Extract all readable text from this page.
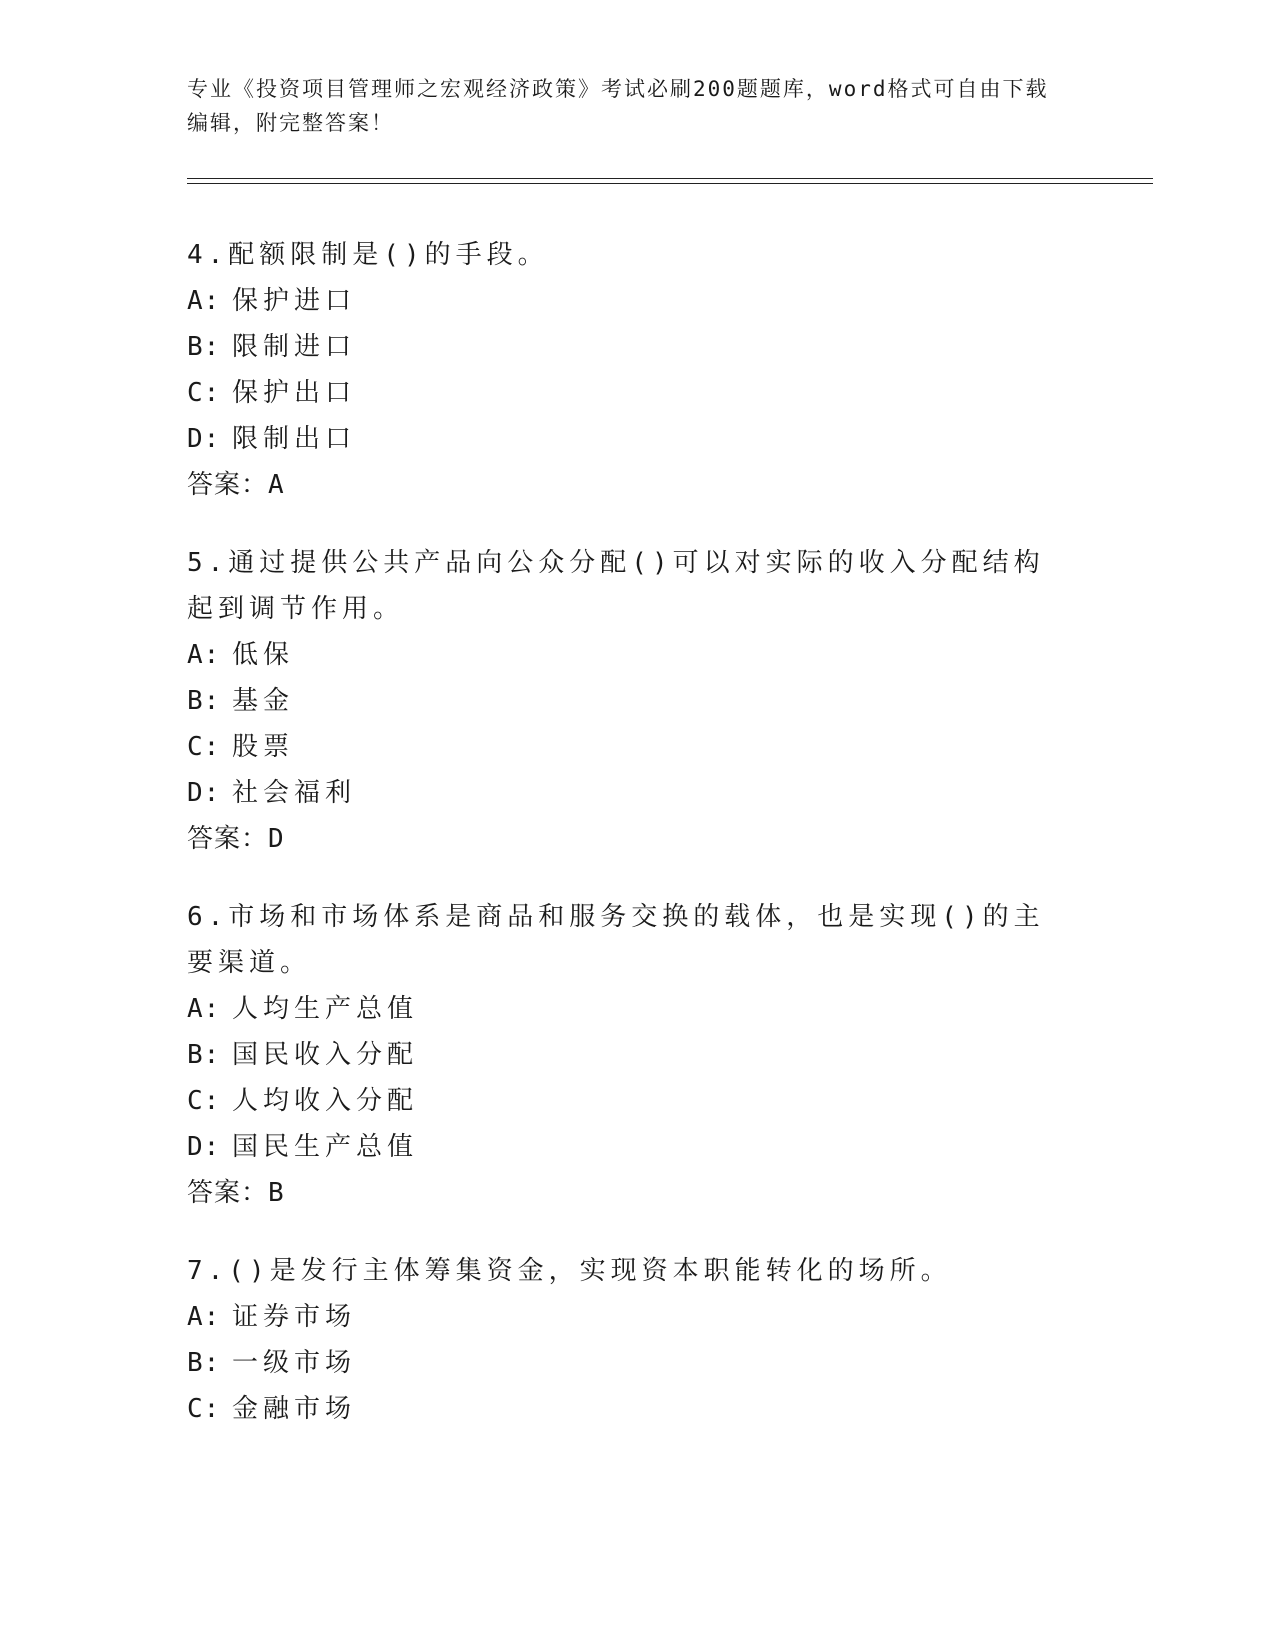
专业《投资项目管理师之宏观经济政策》考试必刷200题题库，word格式可自由下载编辑，附完整答案！

4.配额限制是()的手段。

A: 保护进口

B: 限制进口

C: 保护出口

D: 限制出口

答案：A

5.通过提供公共产品向公众分配()可以对实际的收入分配结构起到调节作用。

A: 低保

B: 基金

C: 股票

D: 社会福利

答案：D

6.市场和市场体系是商品和服务交换的载体，也是实现()的主要渠道。

A: 人均生产总值

B: 国民收入分配

C: 人均收入分配

D: 国民生产总值

答案：B

7.()是发行主体筹集资金，实现资本职能转化的场所。

A: 证券市场

B: 一级市场

C: 金融市场
